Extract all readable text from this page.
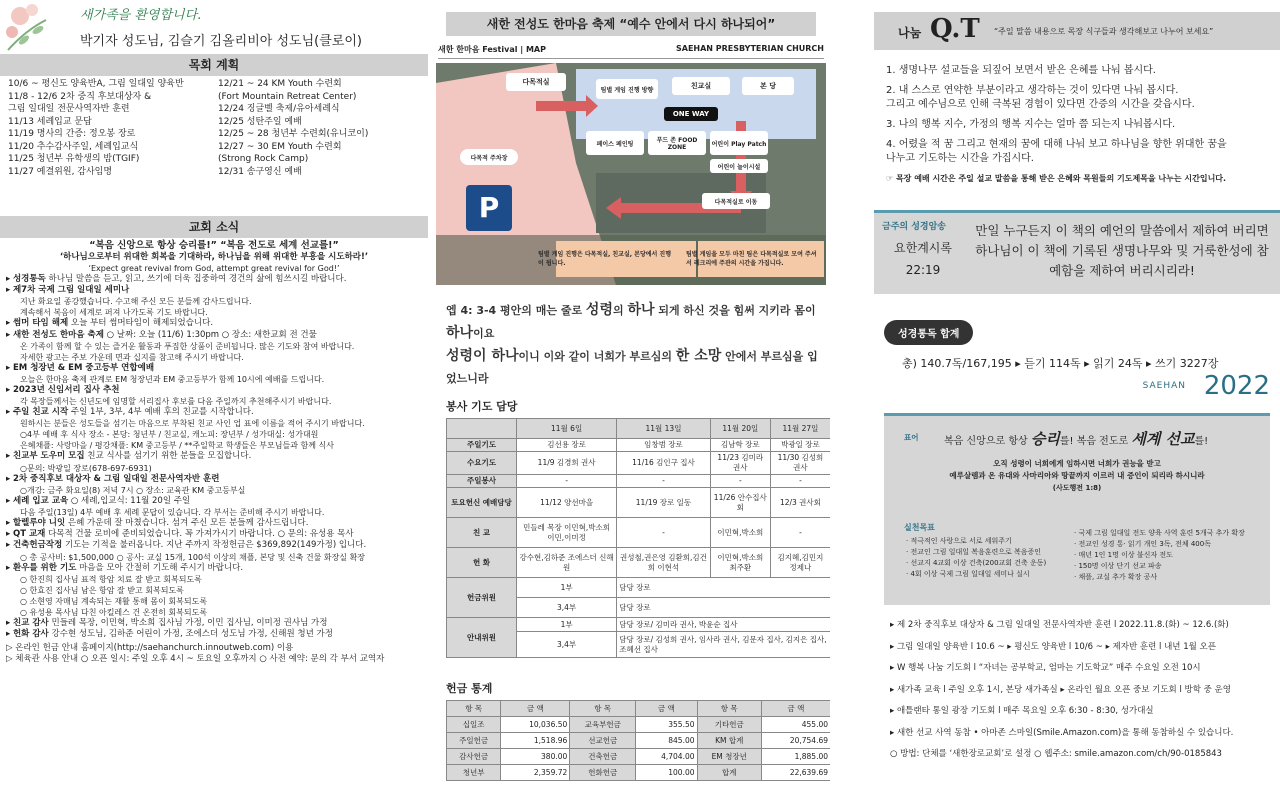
새가족을 환영합니다.
박기자 성도님, 김슬기 김올리비아 성도님(클로이)
목회 계획
10/6 ~ 평신도 양육반A, 그림 일대일 양육반
11/8 - 12/6 2차 중직 후보대상자 &
그림 일대일 전문사역자반 훈련
11/13 세례입교 문답
11/19 명사의 간증: 정오봉 장로
11/20 추수감사주일, 세례입교식
11/25 청년부 유학생의 밤(TGIF)
11/27 예결위원, 감사임명
12/21 ~ 24 KM Youth 수련회
(Fort Mountain Retreat Center)
12/24 징글벨 축제/유아세례식
12/25 성탄주일 예배
12/25 ~ 28 청년부 수련회(유니코이)
12/27 ~ 30 EM Youth 수련회
(Strong Rock Camp)
12/31 송구영신 예배
교회 소식
“복음 신앙으로 항상 승리를!” “복음 전도로 세계 선교를!”
‘하나님으로부터 위대한 회복을 기대하라, 하나님을 위해 위대한 부흥을 시도하라!’
‘Expect great revival from God, attempt great revival for God!’
▸ 성경통독 하나님 말씀을 듣고, 읽고, 쓰기에 더욱 집중하여 경건의 삶에 힘쓰시길 바랍니다.
▸ 제7차 국제 그림 일대일 세미나
지난 화요일 종강했습니다. 수고해 주신 모든 분들께 감사드립니다.
계속해서 복음이 세계로 퍼져 나가도록 기도 바랍니다.
▸ 썸머 타임 해제 오늘 부터 썸머타임이 해제되었습니다.
▸ 새한 전성도 한마음 축제 ○ 날짜: 오늘 (11/6) 1:30pm ○ 장소: 새한교회 전 건물
온 가족이 함께 할 수 있는 즐거운 활동과 푸짐한 상품이 준비됩니다. 많은 기도와 참여 바랍니다.
자세한 광고는 주보 가운데 면과 십지를 참고해 주시기 바랍니다.
▸ EM 청장년 & EM 중고등부 연합예배
오늘은 한마음 축제 관계로 EM 청장년과 EM 중고등부가 함께 10시에 예배를 드립니다.
▸ 2023년 신임서리 집사 추천
각 목장들께서는 신년도에 임명할 서리집사 후보를 다음 주일까지 추천해주시기 바랍니다.
▸ 주일 친교 시작 주일 1부, 3부, 4부 예배 후의 친교를 시작합니다.
원하시는 분들은 성도들을 섬기는 마음으로 부착된 친교 사인 업 표에 이름을 적어 주시기 바랍니다.
○4부 예배 후 식사 장소 - 본당: 청년부 / 친교실, 캐노피: 장년부 / 성가대실: 성가대원
은혜채플: 사랑마을 / 평강채플: KM 중고등부 / **주일학교 학생들은 부모님들과 함께 식사
▸ 친교부 도우미 모집 친교 식사를 섬기기 위한 분들을 모집합니다.
○문의: 박광일 장로(678-697-6931)
▸ 2차 중직후보 대상자 & 그림 일대일 전문사역자반 훈련
○개강: 금주 화요일(8) 저녁 7시 ○ 장소: 교육관 KM 중고등부실
▸ 세례 입교 교육 ○ 세례,입교식: 11월 20일 주일
다음 주일(13일) 4부 예배 후 세례 문답이 있습니다. 각 부서는 준비해 주시기 바랍니다.
▸ 할렐루야 니잇 은혜 가운데 잘 마쳤습니다. 섬겨 주신 모든 분들께 감사드립니다.
▸ QT 교재 다목적 건물 로비에 준비되었습니다. 꼭 가져가시기 바랍니다. ○ 문의: 유성용 목사
▸ 건축헌금작정 기도는 기적을 불러옵니다. 지난 주까지 작정헌금은 $369,892(149가정) 입니다.
○ 총 공사비: $1,500,000 ○ 공사: 교실 15개, 100석 이상의 채플, 본당 및 신축 건물 화장실 확장
▸ 환우를 위한 기도 마음을 모아 간절히 기도해 주시기 바랍니다.
○ 한진희 집사님 표적 항암 치료 잘 받고 회복되도록
○ 한효진 집사님 남은 항암 잘 받고 회복되도록
○ 소현영 자매님 계속되는 재활 통해 몸이 회복되도록
○ 유성용 목사님 다친 아킬레스 건 온전히 회복되도록
▸ 친교 감사 민들레 목장, 이민혁, 박소희 집사님 가정, 이민 집사님, 이미정 권사님 가정
▸ 헌화 감사 강수현 성도님, 김하준 어린이 가정, 조에스더 성도님 가정, 신해원 청년 가정
▷ 온라인 헌금 안내 홈페이지(http://saehanchurch.innoutweb.com) 이용
▷ 체육관 사용 안내 ○ 오픈 일시: 주일 오후 4시 ~ 토요일 오후까지 ○ 사전 예약: 문의 각 부서 교역자
새한 전성도 한마음 축제 “예수 안에서 다시 하나되어”
새한 한마음 Festival | MAP	SAEHAN PRESBYTERIAN CHURCH
다목적실	친교실	본 당
팀별 게임 진행 방향
ONE WAY
페이스 페인팅	푸드 존 FOOD ZONE	어린이 Play Patch
어린이 놀이시설
다목적실로 이동
다목적 주차장
P
팀별 게임 진행은 다목적실, 친교실, 본당에서 진행이 됩니다.
팀별 게임을 모두 마친 팀은 다목적실로 모여 주셔서 레크리에 주관의 시간을 가집니다.
엡 4: 3-4 평안의 매는 줄로 성령의 하나 되게 하신 것을 힘써 지키라 몸이 하나이요
성령이 하나이니 이와 같이 너희가 부르심의 한 소망 안에서 부르심을 입었느니라
봉사 기도 담당
	11월 6일	11월 13일	11월 20일	11월 27일
주일기도	김선용 장로	임창범 장로	김남학 장로	박광일 장로
수요기도	11/9 김경희 권사	11/16 김인구 집사	11/23 김미라 권사	11/30 김성희 권사
주일봉사	-	-	-	-
토요헌신 예배담당	11/12 양선마을	11/19 장로 일동	11/26 안수집사회	12/3 권사회
친 교	민들레 목장 이민혁,박소희 이민,이미정	-	이민혁,박소희	-
헌 화	강수현,김하준 조에스더 신해원	권성철,권은영 김환희,김건희 이현석	이민혁,박소희 최주환	김지혜,김민지 정제나
헌금위원	1부	담당 장로		
	3,4부	담당 장로		
안내위원	1부	담당 장로/ 김미라 권사, 박윤순 집사		
	3,4부	담당 장로/ 김성희 권사, 임사라 권사, 김문자 집사, 김지은 집사, 조혜선 집사		
헌금 통계
항 목	금 액	항 목	금 액	항 목	금 액
십일조	10,036.50	교육부헌금	355.50	기타헌금	455.00
주일헌금	1,518.96	선교헌금	845.00	KM 합계	20,754.69
감사헌금	380.00	건축헌금	4,704.00	EM 청장년	1,885.00
청년부	2,359.72	헌화헌금	100.00	합계	22,639.69
나눔 Q.T “주일 말씀 내용으로 목장 식구들과 생각해보고 나누어 보세요”
1. 생명나무 설교들을 되짚어 보면서 받은 은혜를 나눠 봅시다.
2. 내 스스로 연약한 부분이라고 생각하는 것이 있다면 나눠 봅시다.
그리고 예수님으로 인해 극복된 경험이 있다면 간증의 시간을 갖읍시다.
3. 나의 행복 지수, 가정의 행복 지수는 얼마 쯤 되는지 나눠봅시다.
4. 어렸을 적 꿈 그리고 현재의 꿈에 대해 나눠 보고 하나님을 향한 위대한 꿈을
나누고 기도하는 시간을 가집시다.
☞ 목장 예배 시간은 주일 설교 말씀을 통해 받은 은혜와 목원들의 기도제목을 나누는 시간입니다.
금주의 성경암송
요한계시록
22:19
만일 누구든지 이 책의 예언의 말씀에서 제하여 버리면 하나님이 이 책에 기록된 생명나무와 및 거룩한성에 참예함을 제하여 버리시리라!
성경통독 합계
총) 140.7독/167,195 ▸ 듣기 114독 ▸ 읽기 24독 ▸ 쓰기 3227장
SAEHAN 2022
표어	복음 신앙으로 항상 승리를! 복음 전도로 세계 선교를!
오직 성령이 너희에게 임하시면 너희가 권능을 받고
예루살렘과 온 유대와 사마리아와 땅끝까지 이르러 내 증인이 되리라 하시니라
(사도행전 1:8)
실천목표
· 적극적인 사랑으로 서로 세워주기
· 전교인 그림 일대일 복음훈련으로 복음증인
· 선교지 4교회 이상 건축(200교회 건축 운동)
· 4회 이상 국제 그림 일대일 세미나 실시
· 국제 그림 일대일 전도 양육 사역 훈련 5개국 추가 확장
· 전교인 성경 통· 읽기 개인 3독, 전체 400독
· 매년 1인 1명 이상 불신자 전도
· 150명 이상 단기 선교 파송
· 채플, 교실 추가 확장 공사
▸ 제 2차 중직후보 대상자 & 그림 일대일 전문사역자반 훈련 l 2022.11.8.(화) ~ 12.6.(화)
▸ 그림 일대일 양육반 l 10.6 ~ ▸ 평신도 양육반 l 10/6 ~ ▸ 제자반 훈련 l 내년 1월 오픈
▸ W 행복 나눔 기도회 l “자녀는 공부학교, 엄마는 기도학교” 매주 수요일 오전 10시
▸ 새가족 교육 l 주일 오후 1시, 본당 새가족실 ▸ 온라인 월요 오픈 중보 기도회 l 방학 중 운영
▸ 애틀랜타 통일 광장 기도회 l 매주 목요일 오후 6:30 - 8:30, 성가대실
▸ 새한 선교 사역 동참 • 아마존 스마일(Smile.Amazon.com)을 통해 동참하실 수 있습니다.
○ 방법: 단체를 ‘새한장로교회’로 설정 ○ 웹주소: smile.amazon.com/ch/90-0185843
